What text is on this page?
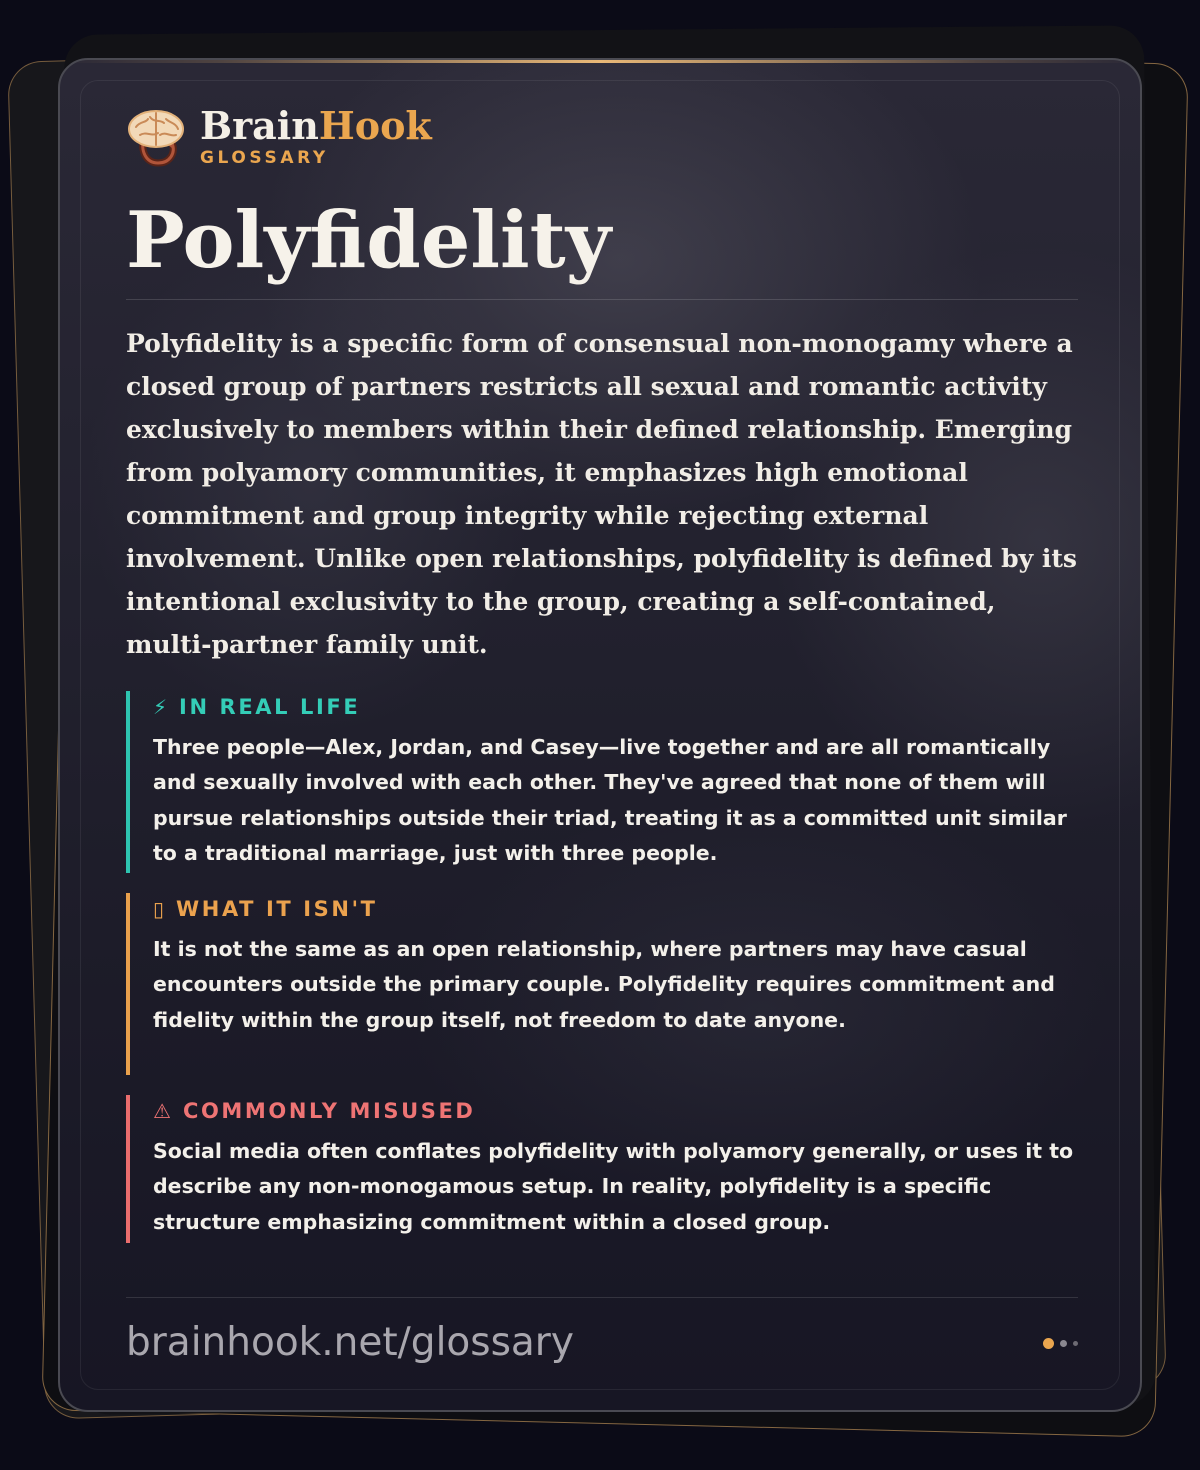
BrainHook
GLOSSARY
Polyfidelity

Polyfidelity is a specific form of consensual non-monogamy where a closed group of partners restricts all sexual and romantic activity exclusively to members within their defined relationship. Emerging from polyamory communities, it emphasizes high emotional commitment and group integrity while rejecting external involvement. Unlike open relationships, polyfidelity is defined by its intentional exclusivity to the group, creating a self-contained, multi-partner family unit.

⚡ IN REAL LIFE
Three people—Alex, Jordan, and Casey—live together and are all romantically and sexually involved with each other. They've agreed that none of them will pursue relationships outside their triad, treating it as a committed unit similar to a traditional marriage, just with three people.
▯ WHAT IT ISN'T
It is not the same as an open relationship, where partners may have casual encounters outside the primary couple. Polyfidelity requires commitment and fidelity within the group itself, not freedom to date anyone.
⚠ COMMONLY MISUSED
Social media often conflates polyfidelity with polyamory generally, or uses it to describe any non-monogamous setup. In reality, polyfidelity is a specific structure emphasizing commitment within a closed group.
brainhook.net/glossary
